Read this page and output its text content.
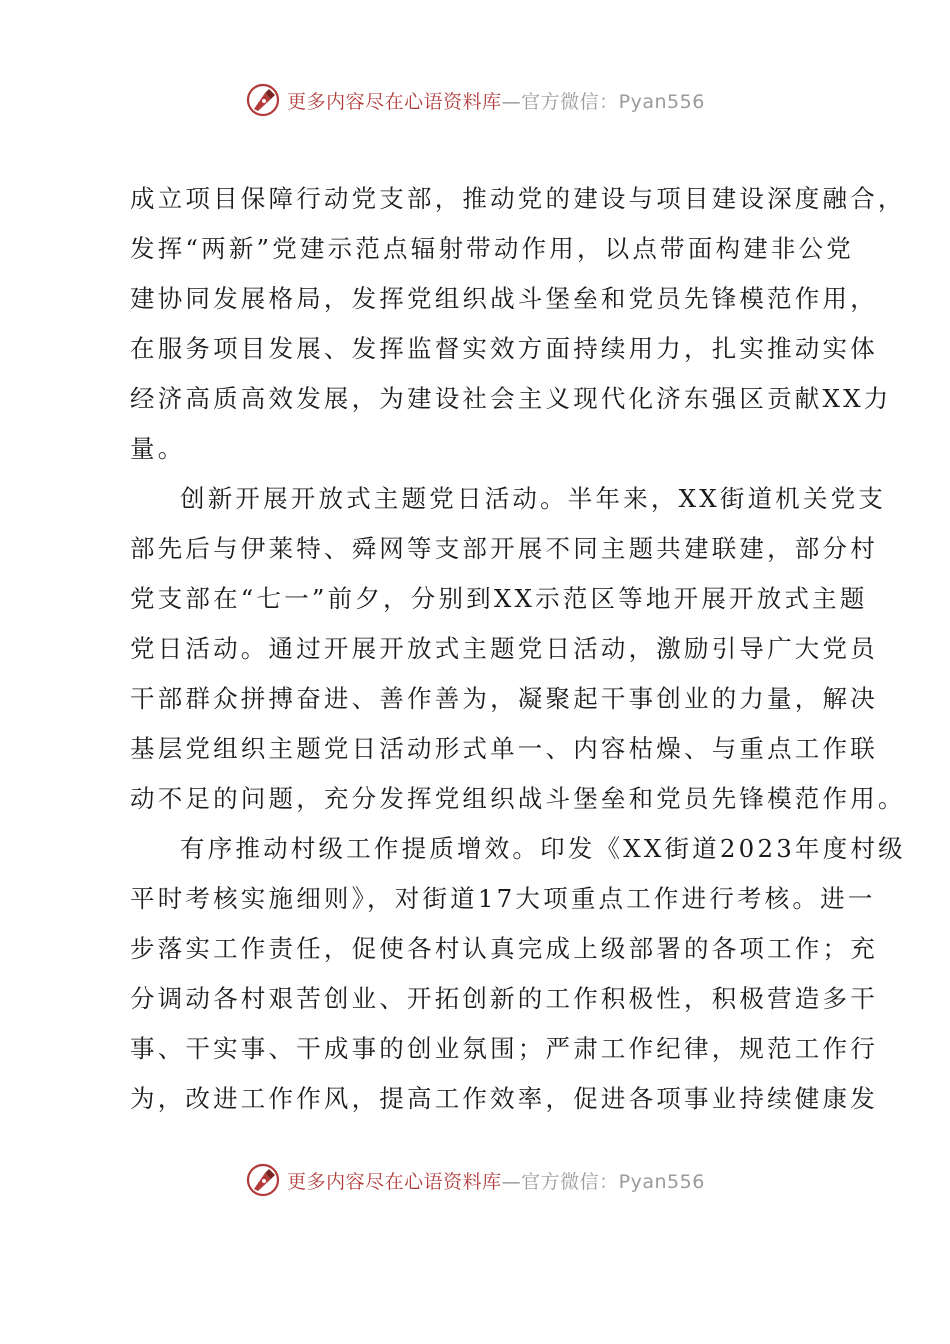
更多内容尽在心语资料库—官方微信：Pyan556

成立项目保障行动党支部，推动党的建设与项目建设深度融合，
发挥“两新”党建示范点辐射带动作用，以点带面构建非公党
建协同发展格局，发挥党组织战斗堡垒和党员先锋模范作用，
在服务项目发展、发挥监督实效方面持续用力，扎实推动实体
经济高质高效发展，为建设社会主义现代化济东强区贡献XX力
量。

创新开展开放式主题党日活动。半年来，XX街道机关党支
部先后与伊莱特、舜网等支部开展不同主题共建联建，部分村
党支部在“七一”前夕，分别到XX示范区等地开展开放式主题
党日活动。通过开展开放式主题党日活动，激励引导广大党员
干部群众拼搏奋进、善作善为，凝聚起干事创业的力量，解决
基层党组织主题党日活动形式单一、内容枯燥、与重点工作联
动不足的问题，充分发挥党组织战斗堡垒和党员先锋模范作用。

有序推动村级工作提质增效。印发《XX街道2023年度村级
平时考核实施细则》，对街道17大项重点工作进行考核。进一
步落实工作责任，促使各村认真完成上级部署的各项工作；充
分调动各村艰苦创业、开拓创新的工作积极性，积极营造多干
事、干实事、干成事的创业氛围；严肃工作纪律，规范工作行
为，改进工作作风，提高工作效率，促进各项事业持续健康发

更多内容尽在心语资料库—官方微信：Pyan556
